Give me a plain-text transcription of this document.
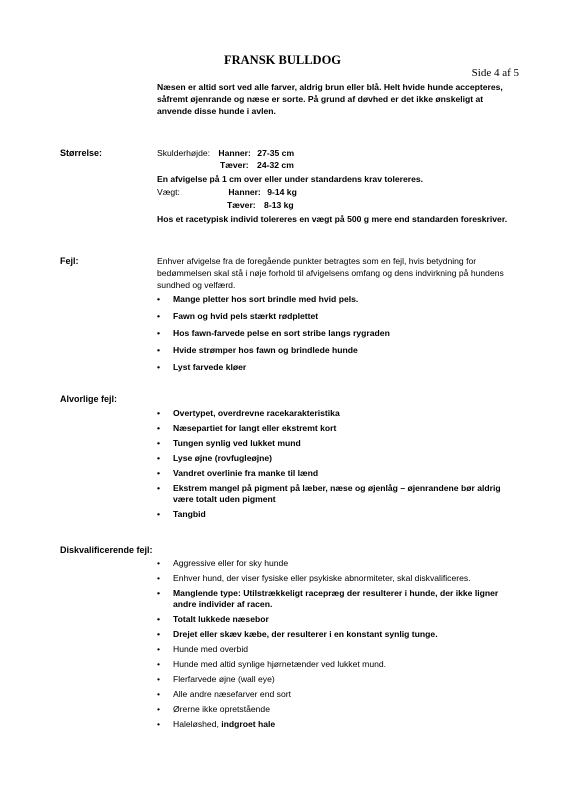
FRANSK BULLDOG
Side 4 af 5
Næsen er altid sort ved alle farver, aldrig brun eller blå. Helt hvide hunde accepteres, såfremt øjenrande og næse er sorte. På grund af døvhed er det ikke ønskeligt at anvende disse hunde i avlen.
Størrelse:	Skulderhøjde: Hanner: 27-35 cm
Tæver: 24-32 cm
En afvigelse på 1 cm over eller under standardens krav tolereres.
Vægt:	Hanner: 9-14 kg
Tæver: 8-13 kg
Hos et racetypisk individ tolereres en vægt på 500 g mere end standarden foreskriver.
Fejl:	Enhver afvigelse fra de foregående punkter betragtes som en fejl, hvis betydning for bedømmelsen skal stå i nøje forhold til afvigelsens omfang og dens indvirkning på hundens sundhed og velfærd.
• Mange pletter hos sort brindle med hvid pels.
• Fawn og hvid pels stærkt rødplettet
• Hos fawn-farvede pelse en sort stribe langs rygraden
• Hvide strømper hos fawn og brindlede hunde
• Lyst farvede kløer
Alvorlige fejl:
• Overtypet, overdrevne racekarakteristika
• Næsepartiet for langt eller ekstremt kort
• Tungen synlig ved lukket mund
• Lyse øjne (rovfugleøjne)
• Vandret overlinie fra manke til lænd
• Ekstrem mangel på pigment på læber, næse og øjenlåg – øjenrandene bør aldrig være totalt uden pigment
• Tangbid
Diskvalificerende fejl:
• Aggressive eller for sky hunde
• Enhver hund, der viser fysiske eller psykiske abnormiteter, skal diskvalificeres.
• Manglende type: Utilstrækkeligt racepræg der resulterer i hunde, der ikke ligner andre individer af racen.
• Totalt lukkede næsebor
• Drejet eller skæv kæbe, der resulterer i en konstant synlig tunge.
• Hunde med overbid
• Hunde med altid synlige hjørnetænder ved lukket mund.
• Flerfarvede øjne (wall eye)
• Alle andre næsefarver end sort
• Ørerne ikke opretstående
• Haleløshed, indgroet hale
